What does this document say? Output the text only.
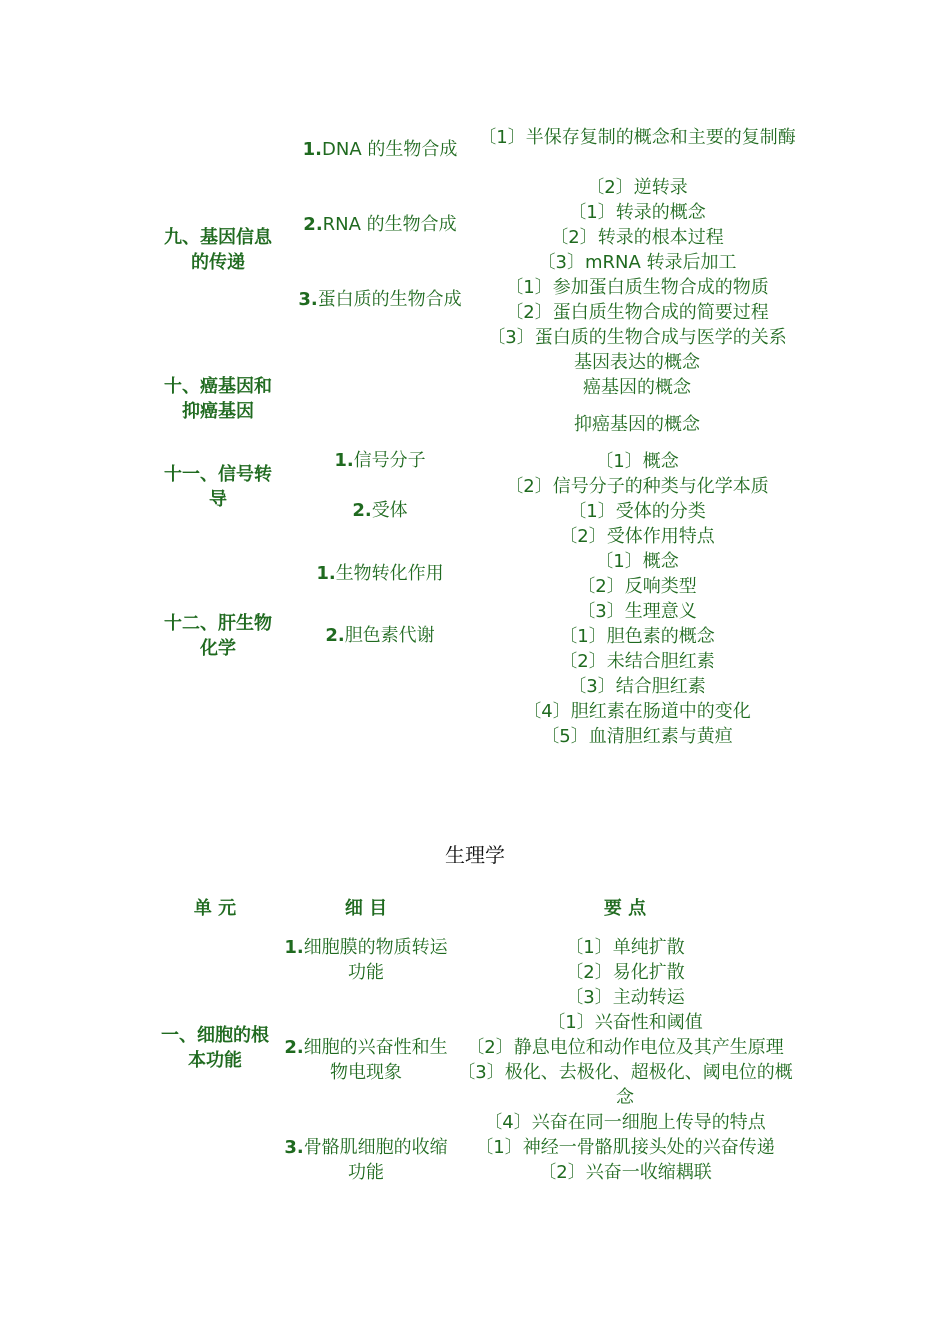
九、基因信息的传递
十、癌基因和抑癌基因
十一、信号转导
十二、肝生物化学
1.DNA 的生物合成
2.RNA 的生物合成
3.蛋白质的生物合成
1.信号分子
2.受体
1.生物转化作用
2.胆色素代谢
〔1〕半保存复制的概念和主要的复制酶
〔2〕逆转录
〔1〕转录的概念
〔2〕转录的根本过程
〔3〕mRNA 转录后加工
〔1〕参加蛋白质生物合成的物质
〔2〕蛋白质生物合成的简要过程
〔3〕蛋白质的生物合成与医学的关系
基因表达的概念
癌基因的概念
抑癌基因的概念
〔1〕概念
〔2〕信号分子的种类与化学本质
〔1〕受体的分类
〔2〕受体作用特点
〔1〕概念
〔2〕反响类型
〔3〕生理意义
〔1〕胆色素的概念
〔2〕未结合胆红素
〔3〕结合胆红素
〔4〕胆红素在肠道中的变化
〔5〕血清胆红素与黄疸
生理学
单 元	细 目	要 点
一、细胞的根本功能
1.细胞膜的物质转运功能
2.细胞的兴奋性和生物电现象
3.骨骼肌细胞的收缩功能
〔1〕单纯扩散
〔2〕易化扩散
〔3〕主动转运
〔1〕兴奋性和阈值
〔2〕静息电位和动作电位及其产生原理
〔3〕极化、去极化、超极化、阈电位的概念
〔4〕兴奋在同一细胞上传导的特点
〔1〕神经一骨骼肌接头处的兴奋传递
〔2〕兴奋一收缩耦联
